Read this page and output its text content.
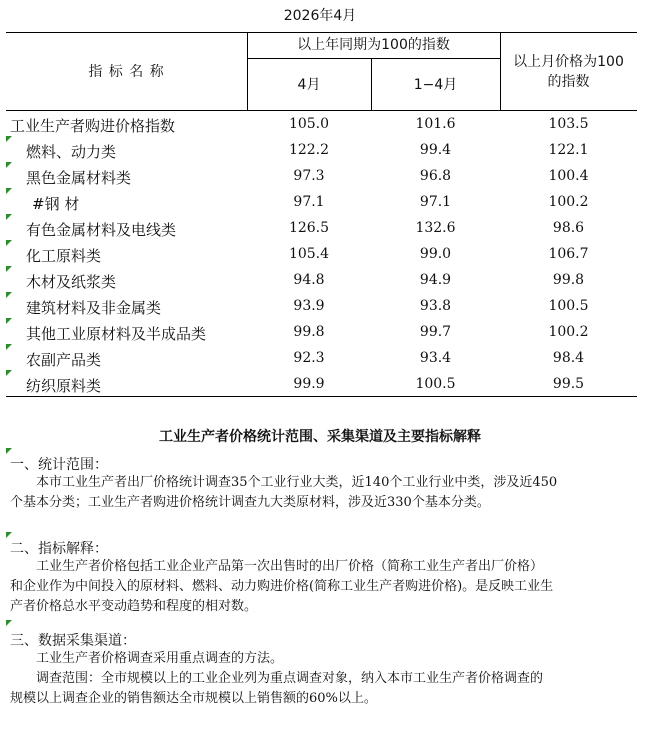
2026年4月
指 标 名 称
以上年同期为100的指数
4月	1−4月
以上月价格为100
的指数
工业生产者购进价格指数	105.0	101.6	103.5
燃料、动力类	122.2	99.4	122.1
黑色金属材料类	97.3	96.8	100.4
#钢 材	97.1	97.1	100.2
有色金属材料及电线类	126.5	132.6	98.6
化工原料类	105.4	99.0	106.7
木材及纸浆类	94.8	94.9	99.8
建筑材料及非金属类	93.9	93.8	100.5
其他工业原材料及半成品类	99.8	99.7	100.2
农副产品类	92.3	93.4	98.4
纺织原料类	99.9	100.5	99.5
工业生产者价格统计范围、采集渠道及主要指标解释
一、统计范围：
本市工业生产者出厂价格统计调查35个工业行业大类，近140个工业行业中类，涉及近450
个基本分类；工业生产者购进价格统计调查九大类原材料，涉及近330个基本分类。
二、指标解释：
工业生产者价格包括工业企业产品第一次出售时的出厂价格（简称工业生产者出厂价格）
和企业作为中间投入的原材料、燃料、动力购进价格(简称工业生产者购进价格)。是反映工业生
产者价格总水平变动趋势和程度的相对数。
三、数据采集渠道：
工业生产者价格调查采用重点调查的方法。
调查范围：全市规模以上的工业企业列为重点调查对象，纳入本市工业生产者价格调查的
规模以上调查企业的销售额达全市规模以上销售额的60%以上。
